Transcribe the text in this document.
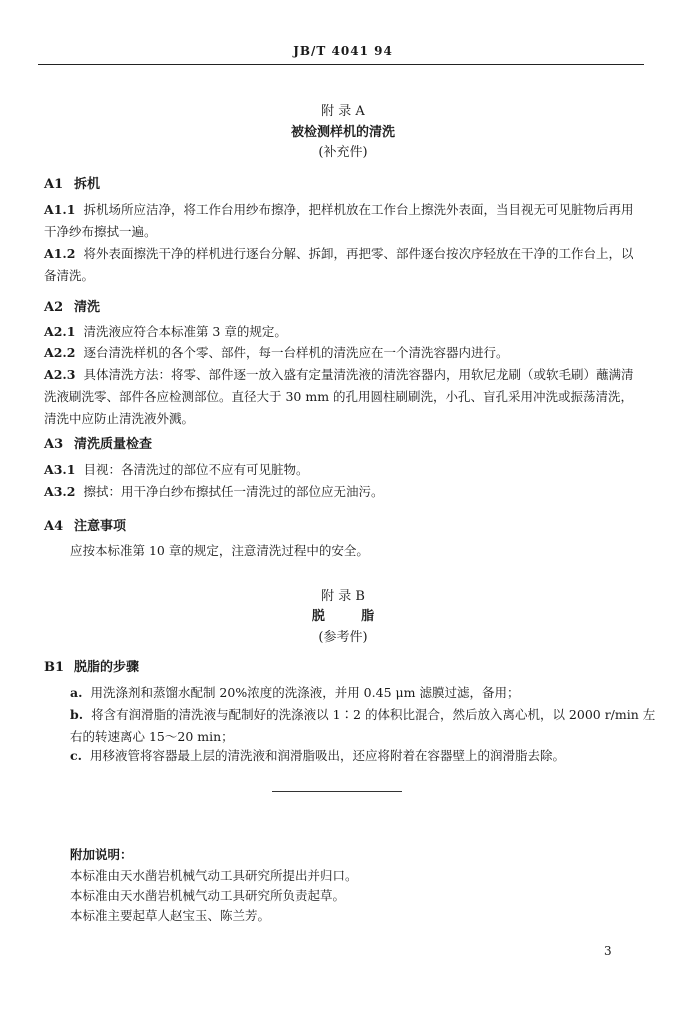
JB/T 4041 94
附 录 A
被检测样机的清洗
(补充件)
A1 拆机
A1.1 拆机场所应洁净，将工作台用纱布擦净，把样机放在工作台上擦洗外表面，当目视无可见脏物后再用干净纱布擦拭一遍。
A1.2 将外表面擦洗干净的样机进行逐台分解、拆卸，再把零、部件逐台按次序轻放在干净的工作台上，以备清洗。
A2 清洗
A2.1 清洗液应符合本标准第 3 章的规定。
A2.2 逐台清洗样机的各个零、部件，每一台样机的清洗应在一个清洗容器内进行。
A2.3 具体清洗方法：将零、部件逐一放入盛有定量清洗液的清洗容器内，用软尼龙刷（或软毛刷）蘸满清洗液刷洗零、部件各应检测部位。直径大于 30 mm 的孔用圆柱刷刷洗，小孔、盲孔采用冲洗或振荡清洗，清洗中应防止清洗液外溅。
A3 清洗质量检查
A3.1 目视：各清洗过的部位不应有可见脏物。
A3.2 擦拭：用干净白纱布擦拭任一清洗过的部位应无油污。
A4 注意事项
应按本标准第 10 章的规定，注意清洗过程中的安全。
附 录 B
脱        脂
(参考件)
B1 脱脂的步骤
a. 用洗涤剂和蒸馏水配制 20%浓度的洗涤液，并用 0.45 μm 滤膜过滤，备用；
b. 将含有润滑脂的清洗液与配制好的洗涤液以 1∶2 的体积比混合，然后放入离心机，以 2000 r/min 左右的转速离心 15～20 min；
c. 用移液管将容器最上层的清洗液和润滑脂吸出，还应将附着在容器壁上的润滑脂去除。
附加说明：
本标准由天水凿岩机械气动工具研究所提出并归口。
本标准由天水凿岩机械气动工具研究所负责起草。
本标准主要起草人赵宝玉、陈兰芳。
3
